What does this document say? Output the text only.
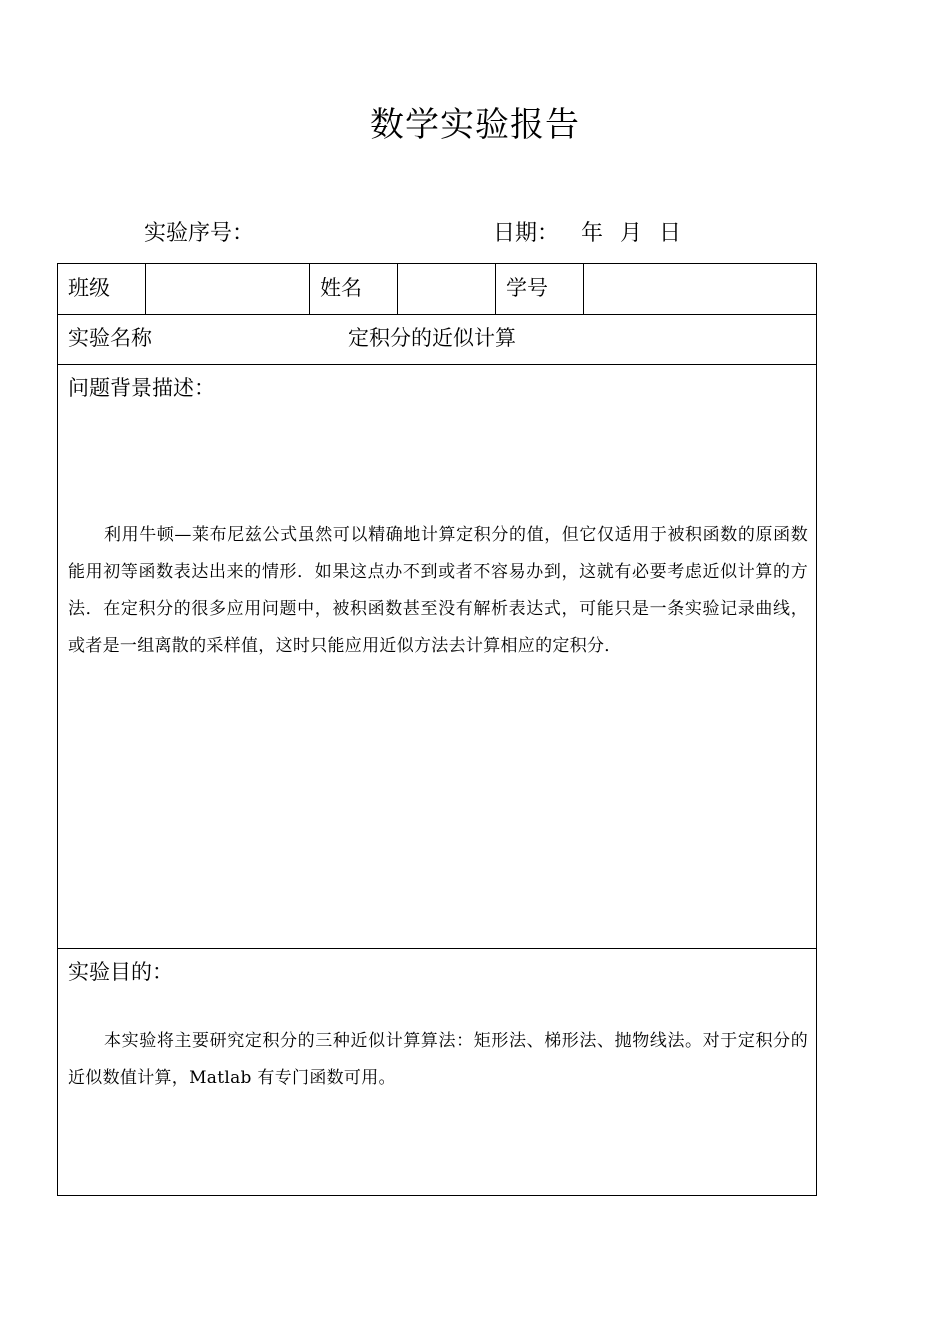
数学实验报告
实验序号：	日期： 年 月 日
班级	姓名	学号
实验名称	定积分的近似计算
问题背景描述：
利用牛顿—莱布尼兹公式虽然可以精确地计算定积分的值，但它仅适用于被积函数的原函数能用初等函数表达出来的情形．如果这点办不到或者不容易办到，这就有必要考虑近似计算的方法．在定积分的很多应用问题中，被积函数甚至没有解析表达式，可能只是一条实验记录曲线，或者是一组离散的采样值，这时只能应用近似方法去计算相应的定积分．
实验目的：
本实验将主要研究定积分的三种近似计算算法：矩形法、梯形法、抛物线法。对于定积分的近似数值计算，Matlab 有专门函数可用。
